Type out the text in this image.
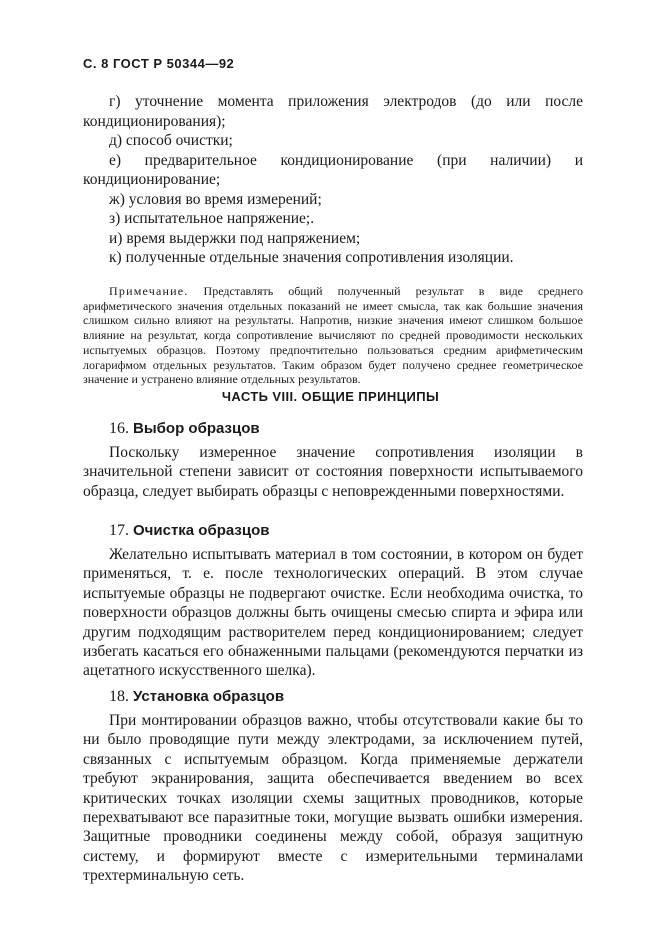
С. 8 ГОСТ Р 50344—92

г) уточнение момента приложения электродов (до или после кондиционирования);

д) способ очистки;

е) предварительное кондиционирование (при наличии) и кондиционирование;

ж) условия во время измерений;

з) испытательное напряжение;.

и) время выдержки под напряжением;

к) полученные отдельные значения сопротивления изоляции.

Примечание. Представлять общий полученный результат в виде среднего арифметического значения отдельных показаний не имеет смысла, так как большие значения слишком сильно влияют на результаты. Напротив, низкие значения имеют слишком большое влияние на результат, когда сопротивление вычисляют по средней проводимости нескольких испытуемых образцов. Поэтому предпочтительно пользоваться средним арифметическим логарифмом отдельных результатов. Таким образом будет получено среднее геометрическое значение и устранено влияние отдельных результатов.

ЧАСТЬ VIII. ОБЩИЕ ПРИНЦИПЫ
16. Выбор образцов

Поскольку измеренное значение сопротивления изоляции в значительной степени зависит от состояния поверхности испытываемого образца, следует выбирать образцы с неповрежденными поверхностями.

17. Очистка образцов

Желательно испытывать материал в том состоянии, в котором он будет применяться, т. е. после технологических операций. В этом случае испытуемые образцы не подвергают очистке. Если необходима очистка, то поверхности образцов должны быть очищены смесью спирта и эфира или другим подходящим растворителем перед кондиционированием; следует избегать касаться его обнаженными пальцами (рекомендуются перчатки из ацетатного искусственного шелка).

18. Установка образцов

При монтировании образцов важно, чтобы отсутствовали какие бы то ни было проводящие пути между электродами, за исключением путей, связанных с испытуемым образцом. Когда применяемые держатели требуют экранирования, защита обеспечивается введением во всех критических точках изоляции схемы защитных проводников, которые перехватывают все паразитные токи, могущие вызвать ошибки измерения. Защитные проводники соединены между собой, образуя защитную систему, и формируют вместе с измерительными терминалами трехтерминальную сеть.
